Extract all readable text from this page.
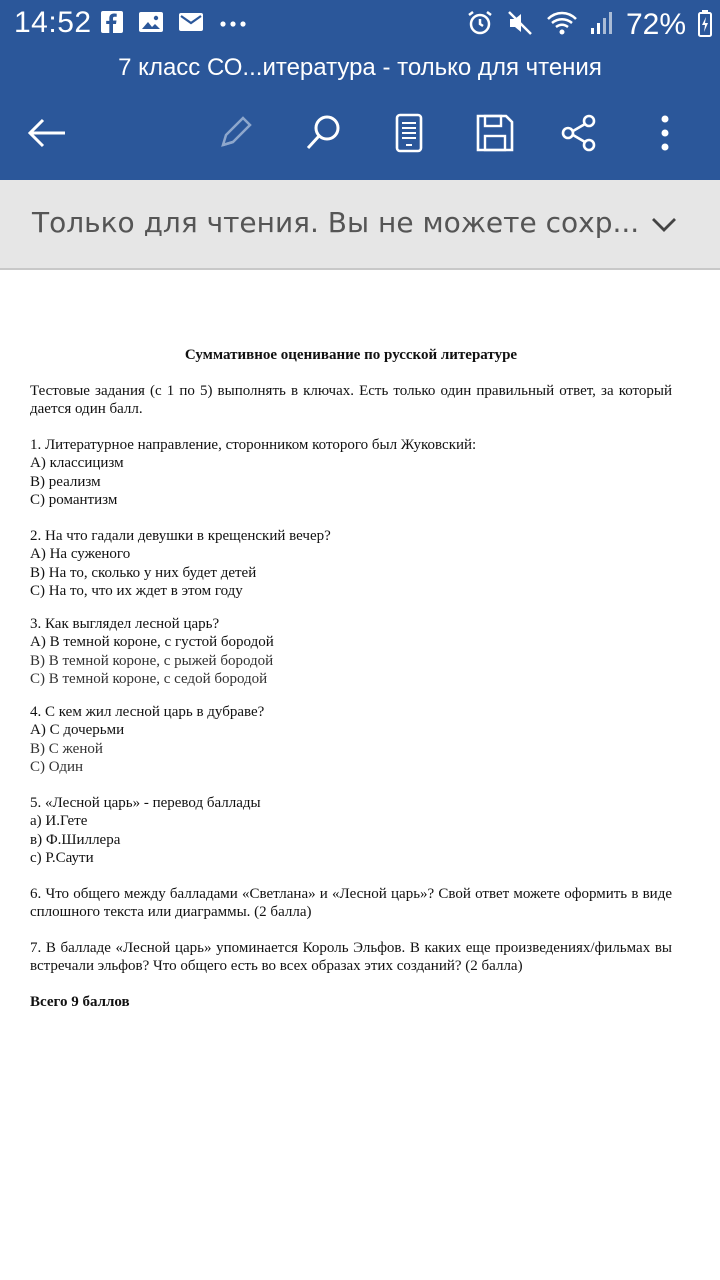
14:52	72%
7 класс СО...итература - только для чтения
Только для чтения. Вы не можете сохр...
Суммативное оценивание по русской литературе
Тестовые задания (с 1 по 5) выполнять в ключах. Есть только один правильный ответ, за который дается один балл.
1. Литературное направление, сторонником которого был Жуковский:
А) классицизм
В) реализм
С) романтизм
2. На что гадали девушки в крещенский вечер?
А) На суженого
В) На то, сколько у них будет детей
С) На то, что их ждет в этом году
3. Как выглядел лесной царь?
А) В темной короне, с густой бородой
В) В темной короне, с рыжей бородой
С) В темной короне, с седой бородой
4. С кем жил лесной царь в дубраве?
А) С дочерьми
В) С женой
С) Один
5. «Лесной царь» - перевод баллады
а) И.Гете
в) Ф.Шиллера
с) Р.Саути
6. Что общего между балладами «Светлана» и «Лесной царь»? Свой ответ можете оформить в виде сплошного текста или диаграммы. (2 балла)
7. В балладе «Лесной царь» упоминается Король Эльфов. В каких еще произведениях/фильмах вы встречали эльфов? Что общего есть во всех образах этих созданий? (2 балла)
Всего 9 баллов
